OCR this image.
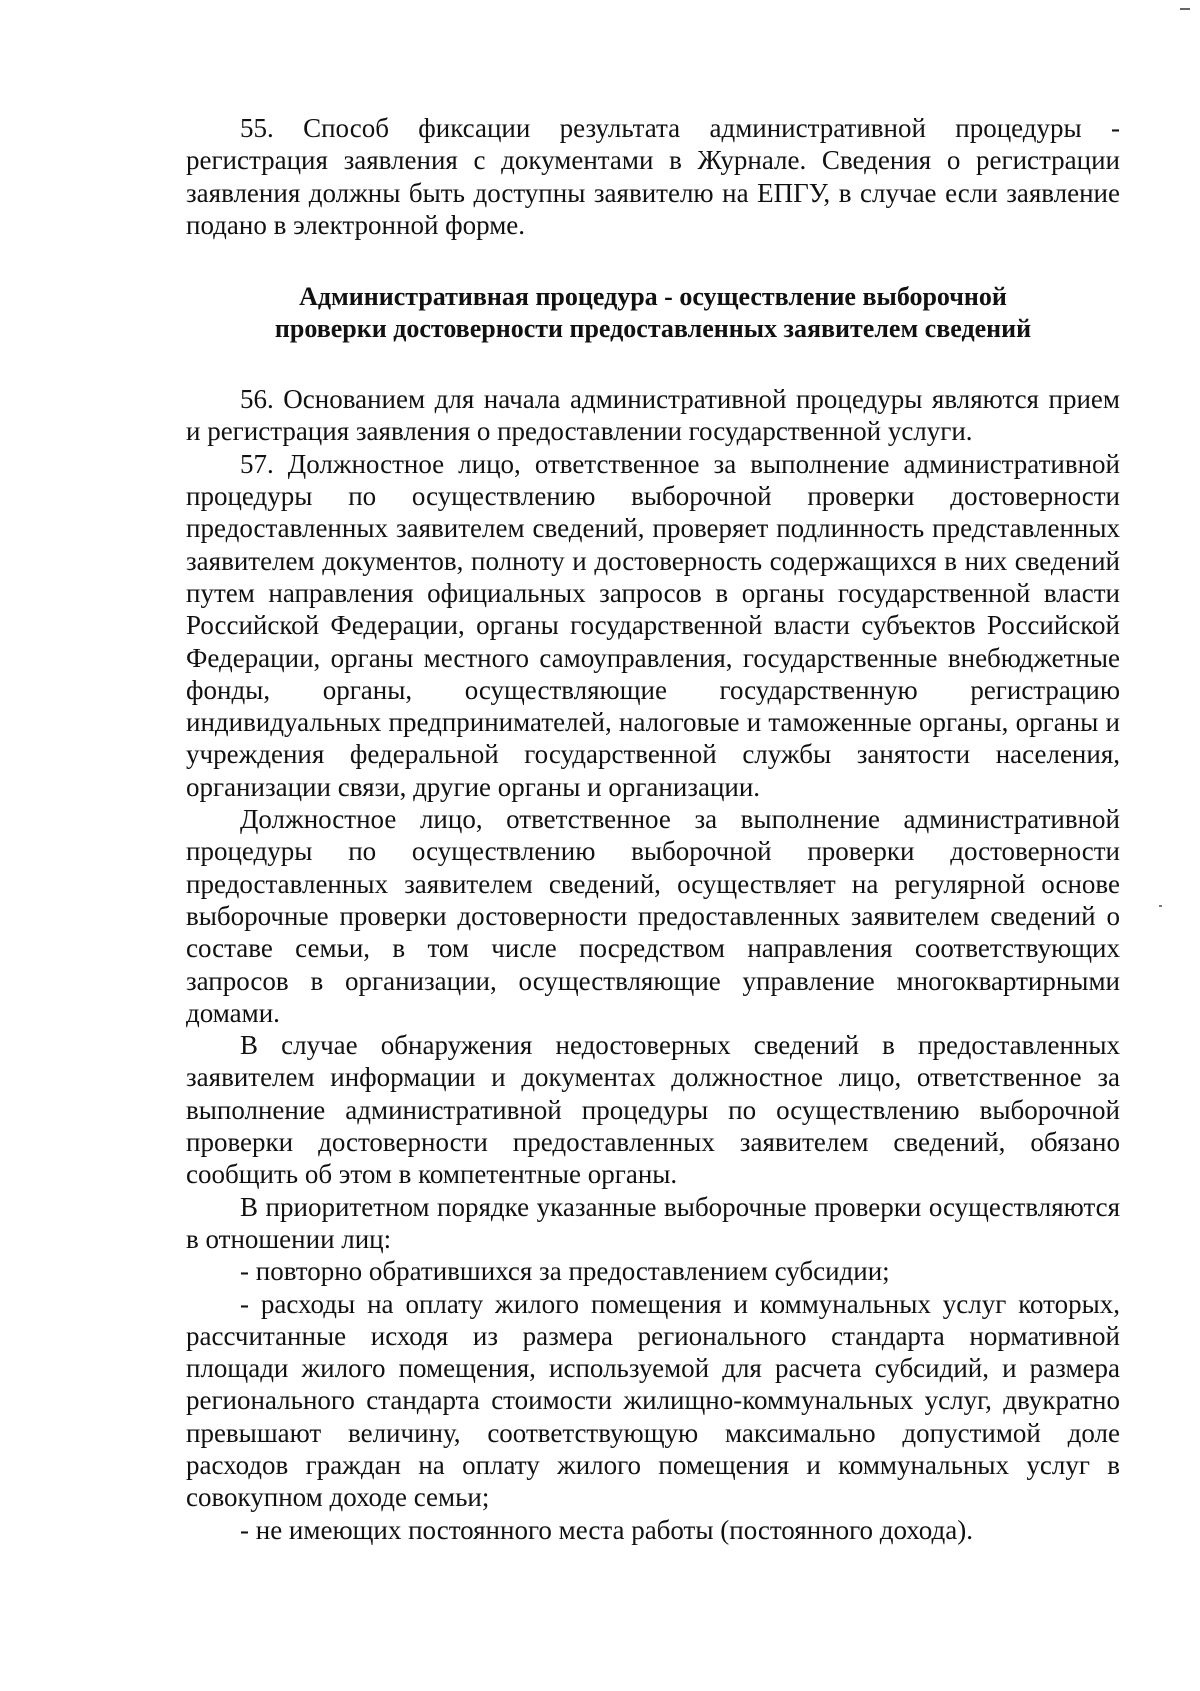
55. Способ фиксации результата административной процедуры - регистрация заявления с документами в Журнале. Сведения о регистрации заявления должны быть доступны заявителю на ЕПГУ, в случае если заявление подано в электронной форме.

Административная процедура - осуществление выборочной
проверки достоверности предоставленных заявителем сведений

56. Основанием для начала административной процедуры являются прием и регистрация заявления о предоставлении государственной услуги.

57. Должностное лицо, ответственное за выполнение административной процедуры по осуществлению выборочной проверки достоверности предоставленных заявителем сведений, проверяет подлинность представленных заявителем документов, полноту и достоверность содержащихся в них сведений путем направления официальных запросов в органы государственной власти Российской Федерации, органы государственной власти субъектов Российской Федерации, органы местного самоуправления, государственные внебюджетные фонды, органы, осуществляющие государственную регистрацию индивидуальных предпринимателей, налоговые и таможенные органы, органы и учреждения федеральной государственной службы занятости населения, организации связи, другие органы и организации.

Должностное лицо, ответственное за выполнение административной процедуры по осуществлению выборочной проверки достоверности предоставленных заявителем сведений, осуществляет на регулярной основе выборочные проверки достоверности предоставленных заявителем сведений о составе семьи, в том числе посредством направления соответствующих запросов в организации, осуществляющие управление многоквартирными домами.

В случае обнаружения недостоверных сведений в предоставленных заявителем информации и документах должностное лицо, ответственное за выполнение административной процедуры по осуществлению выборочной проверки достоверности предоставленных заявителем сведений, обязано сообщить об этом в компетентные органы.

В приоритетном порядке указанные выборочные проверки осуществляются в отношении лиц:

- повторно обратившихся за предоставлением субсидии;

- расходы на оплату жилого помещения и коммунальных услуг которых, рассчитанные исходя из размера регионального стандарта нормативной площади жилого помещения, используемой для расчета субсидий, и размера регионального стандарта стоимости жилищно-коммунальных услуг, двукратно превышают величину, соответствующую максимально допустимой доле расходов граждан на оплату жилого помещения и коммунальных услуг в совокупном доходе семьи;

- не имеющих постоянного места работы (постоянного дохода).
